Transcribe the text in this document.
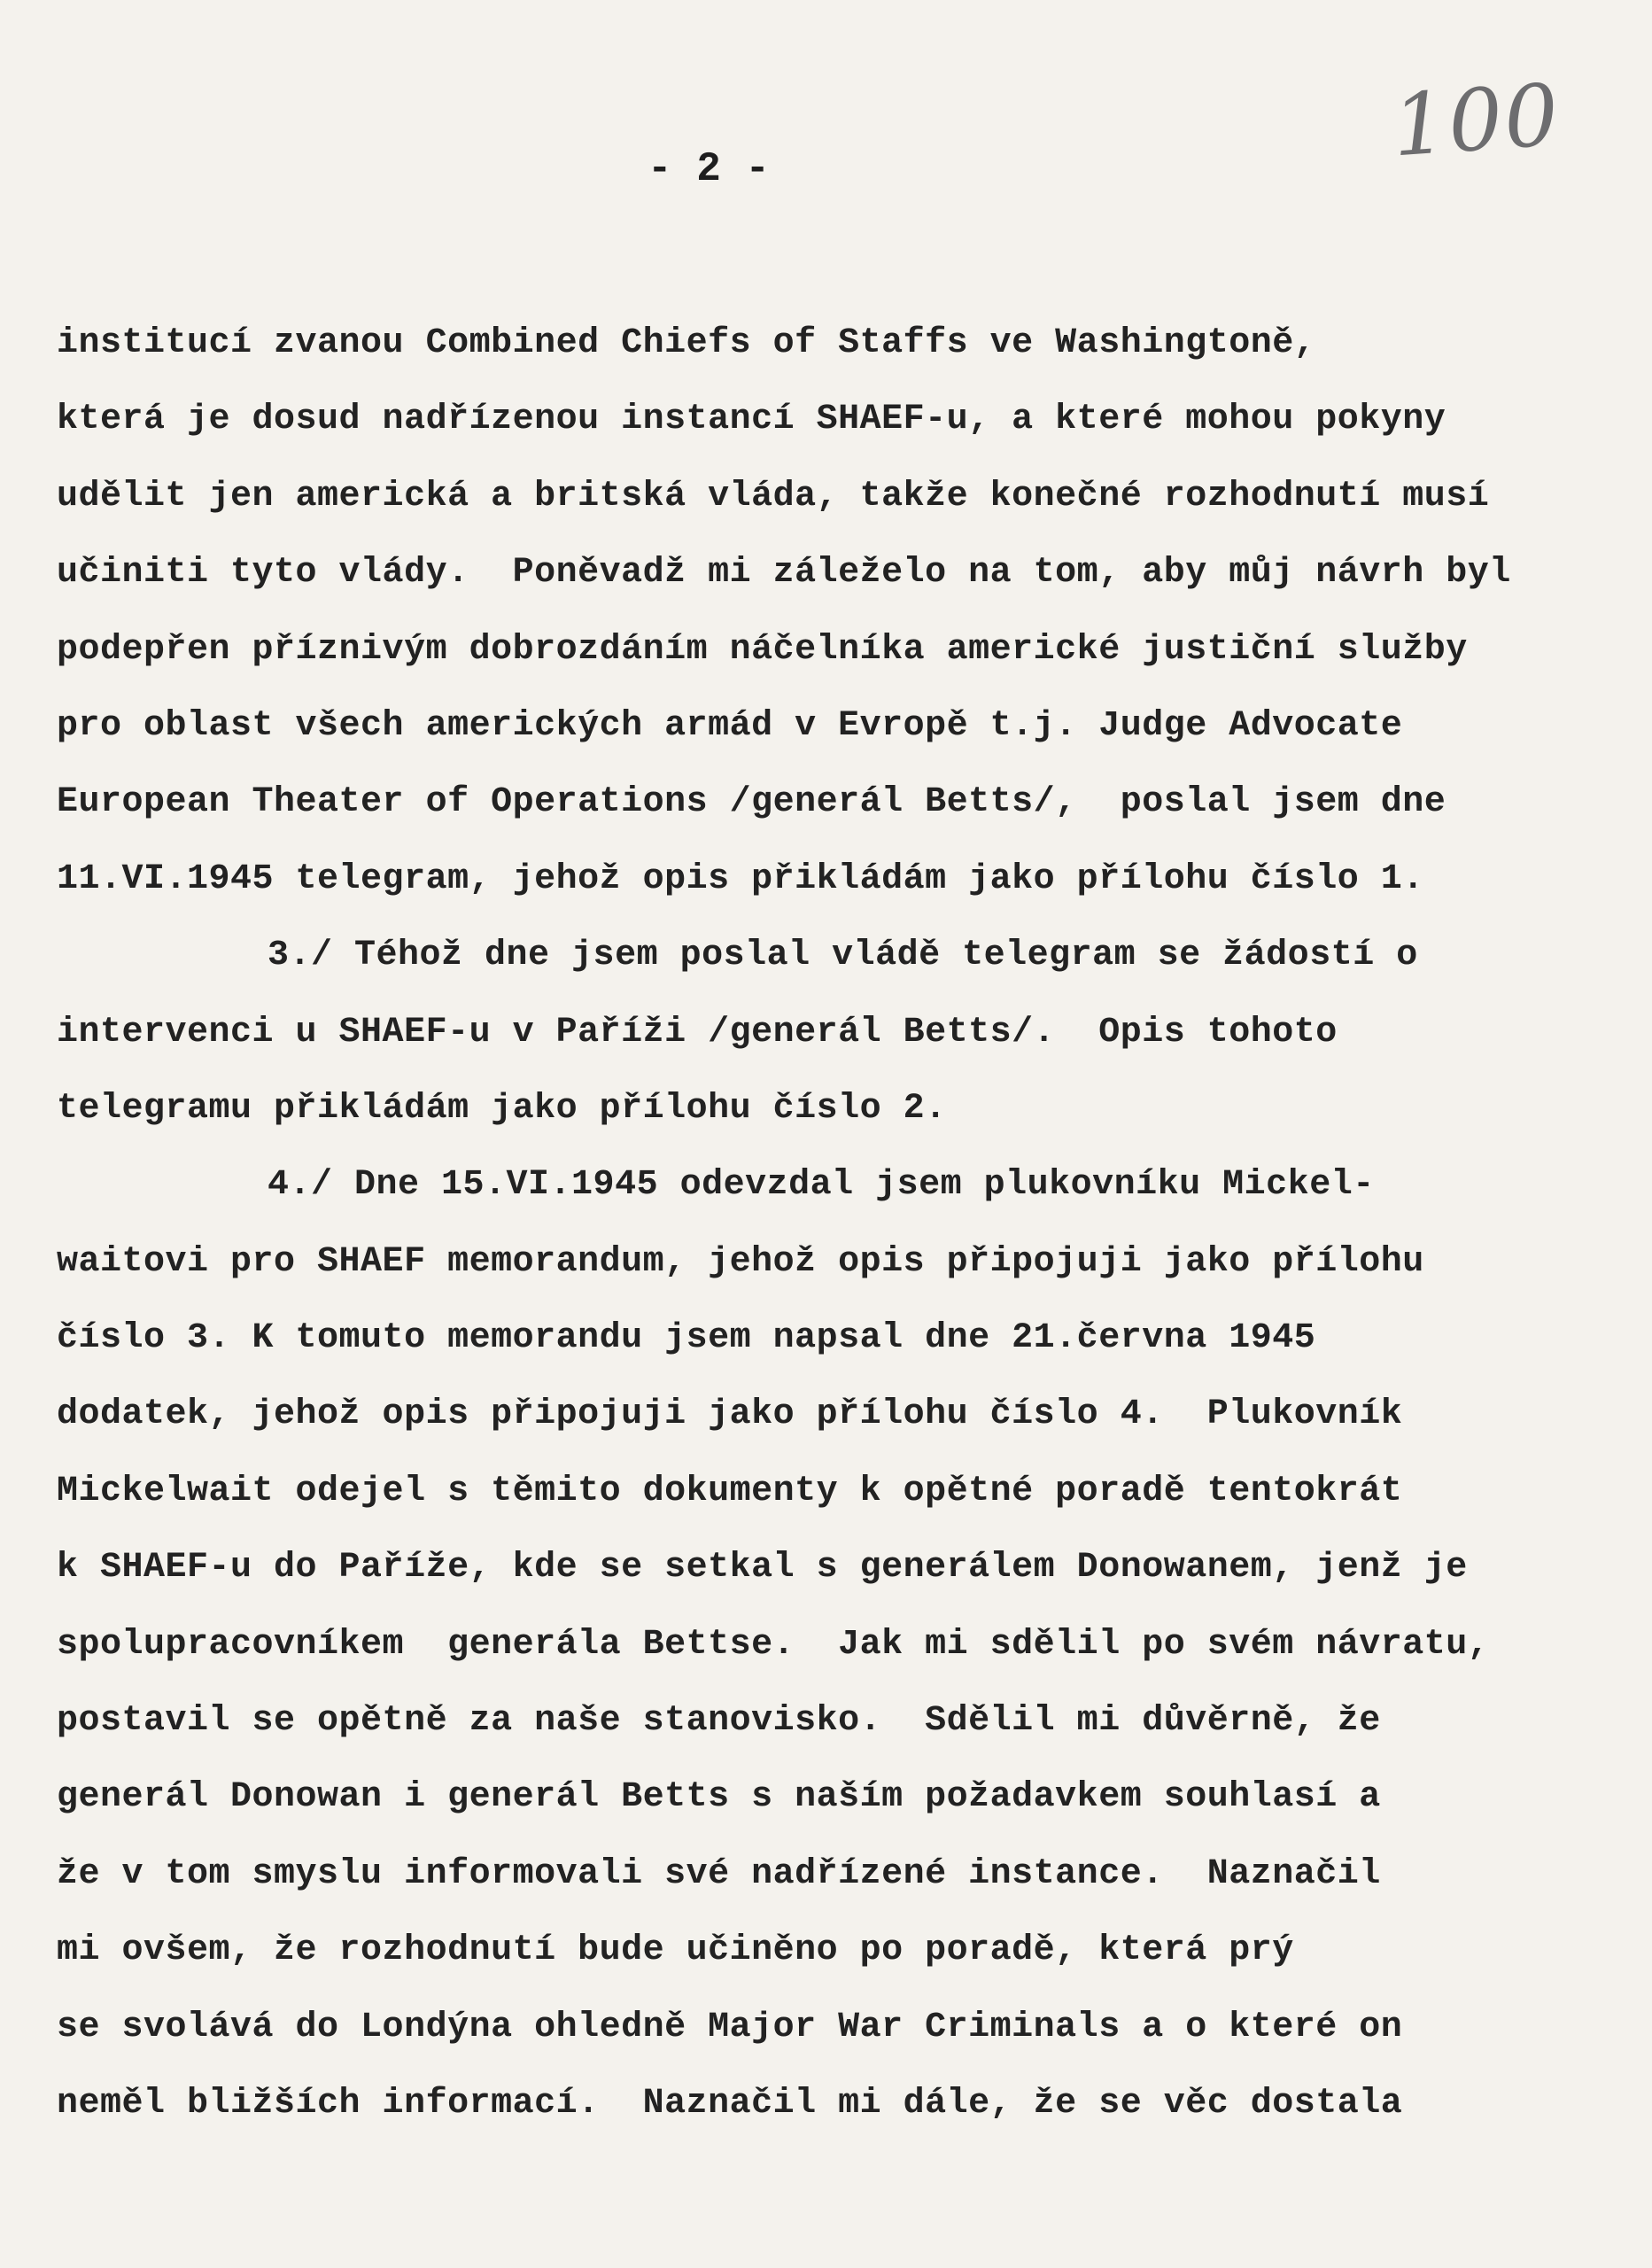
100
- 2 -
institucí zvanou Combined Chiefs of Staffs ve Washingtoně,
která je dosud nadřízenou instancí SHAEF-u, a které mohou pokyny
udělit jen americká a britská vláda, takže konečné rozhodnutí musí
učiniti tyto vlády.  Poněvadž mi záleželo na tom, aby můj návrh byl
podepřen příznivým dobrozdáním náčelníka americké justiční služby
pro oblast všech amerických armád v Evropě t.j. Judge Advocate
European Theater of Operations /generál Betts/,  poslal jsem dne
11.VI.1945 telegram, jehož opis přikládám jako přílohu číslo 1.
3./ Téhož dne jsem poslal vládě telegram se žádostí o
intervenci u SHAEF-u v Paříži /generál Betts/.  Opis tohoto
telegramu přikládám jako přílohu číslo 2.
4./ Dne 15.VI.1945 odevzdal jsem plukovníku Mickel-
waitovi pro SHAEF memorandum, jehož opis připojuji jako přílohu
číslo 3. K tomuto memorandu jsem napsal dne 21.června 1945
dodatek, jehož opis připojuji jako přílohu číslo 4.  Plukovník
Mickelwait odejel s těmito dokumenty k opětné poradě tentokrát
k SHAEF-u do Paříže, kde se setkal s generálem Donowanem, jenž je
spolupracovníkem  generála Bettse.  Jak mi sdělil po svém návratu,
postavil se opětně za naše stanovisko.  Sdělil mi důvěrně, že
generál Donowan i generál Betts s naším požadavkem souhlasí a
že v tom smyslu informovali své nadřízené instance.  Naznačil
mi ovšem, že rozhodnutí bude učiněno po poradě, která prý
se svolává do Londýna ohledně Major War Criminals a o které on
neměl bližších informací.  Naznačil mi dále, že se věc dostala
